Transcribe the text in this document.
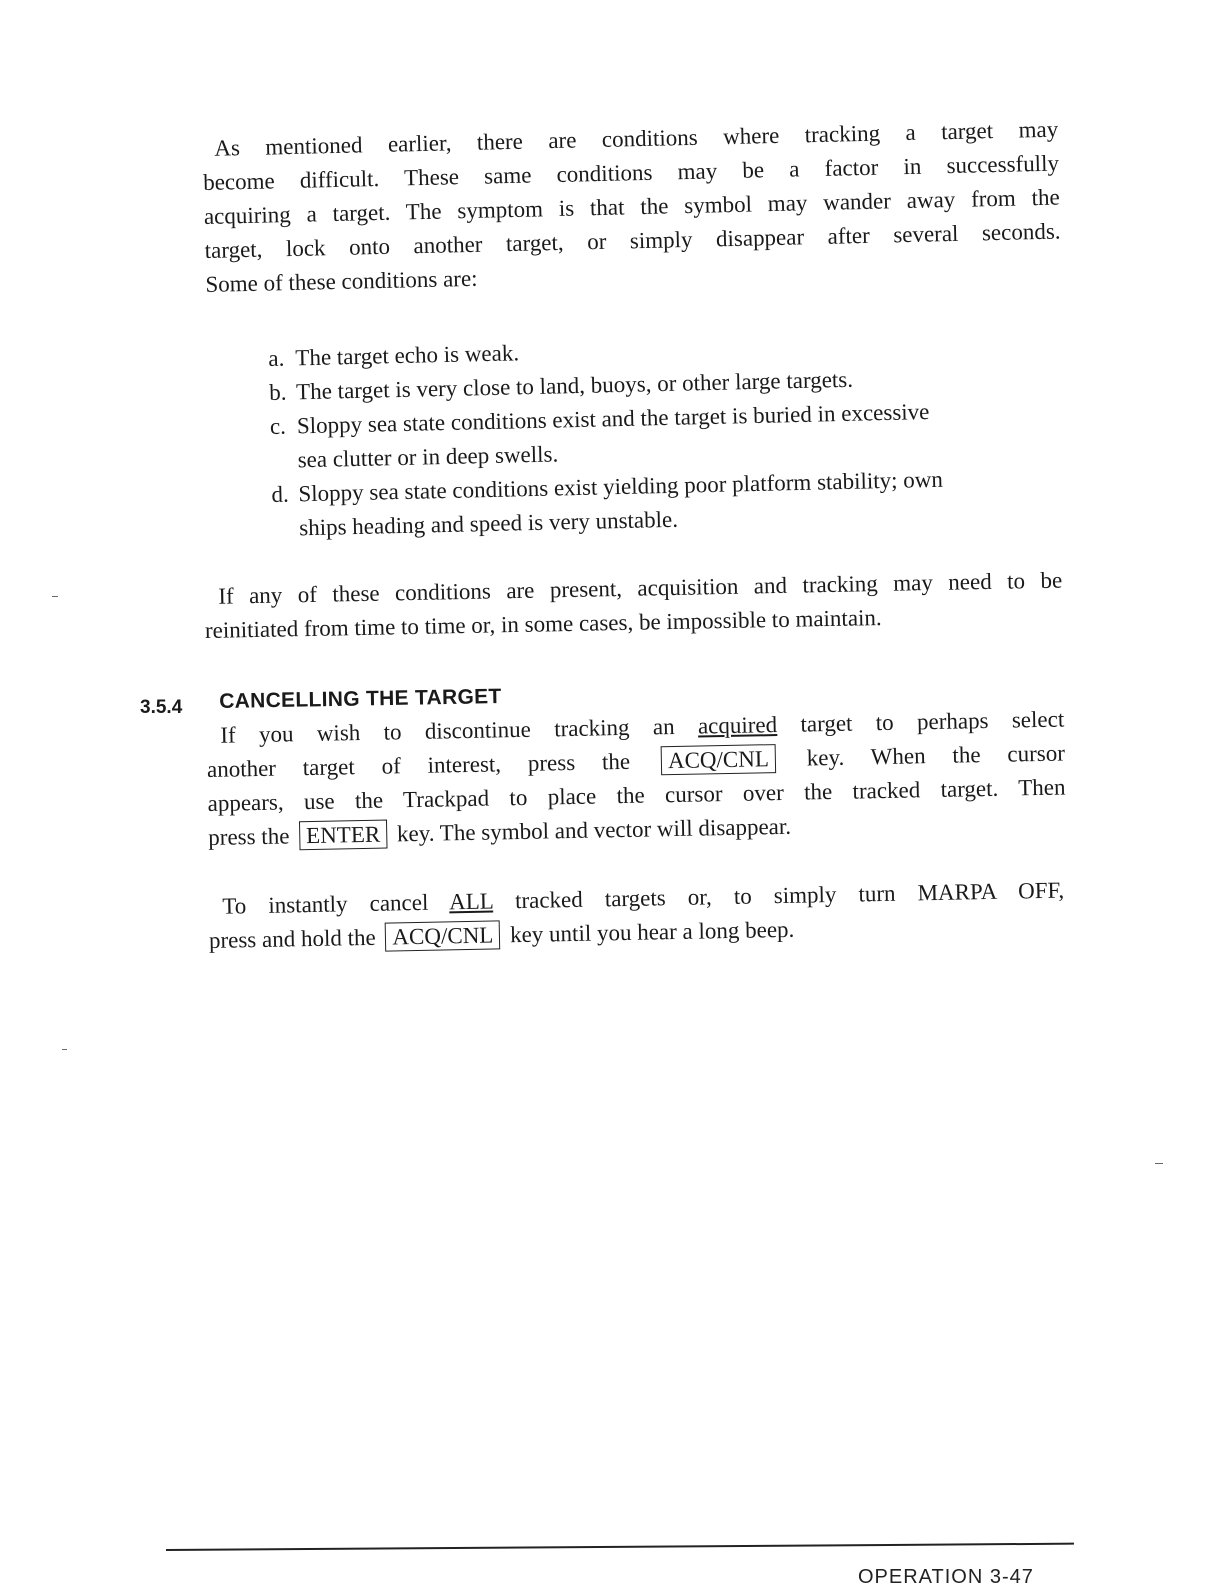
As mentioned earlier, there are conditions where tracking a target may
become difficult. These same conditions may be a factor in successfully
acquiring a target. The symptom is that the symbol may wander away from the
target, lock onto another target, or simply disappear after several seconds.
Some of these conditions are:
a. The target echo is weak.
b. The target is very close to land, buoys, or other large targets.
c. Sloppy sea state conditions exist and the target is buried in excessive
sea clutter or in deep swells.
d. Sloppy sea state conditions exist yielding poor platform stability; own
ships heading and speed is very unstable.
If any of these conditions are present, acquisition and tracking may need to be
reinitiated from time to time or, in some cases, be impossible to maintain.
3.5.4 CANCELLING THE TARGET
If you wish to discontinue tracking an acquired target to perhaps select
another target of interest, press the ACQ/CNL key. When the cursor
appears, use the Trackpad to place the cursor over the tracked target. Then
press the ENTER key. The symbol and vector will disappear.
To instantly cancel ALL tracked targets or, to simply turn MARPA OFF,
press and hold the ACQ/CNL key until you hear a long beep.
OPERATION 3-47
